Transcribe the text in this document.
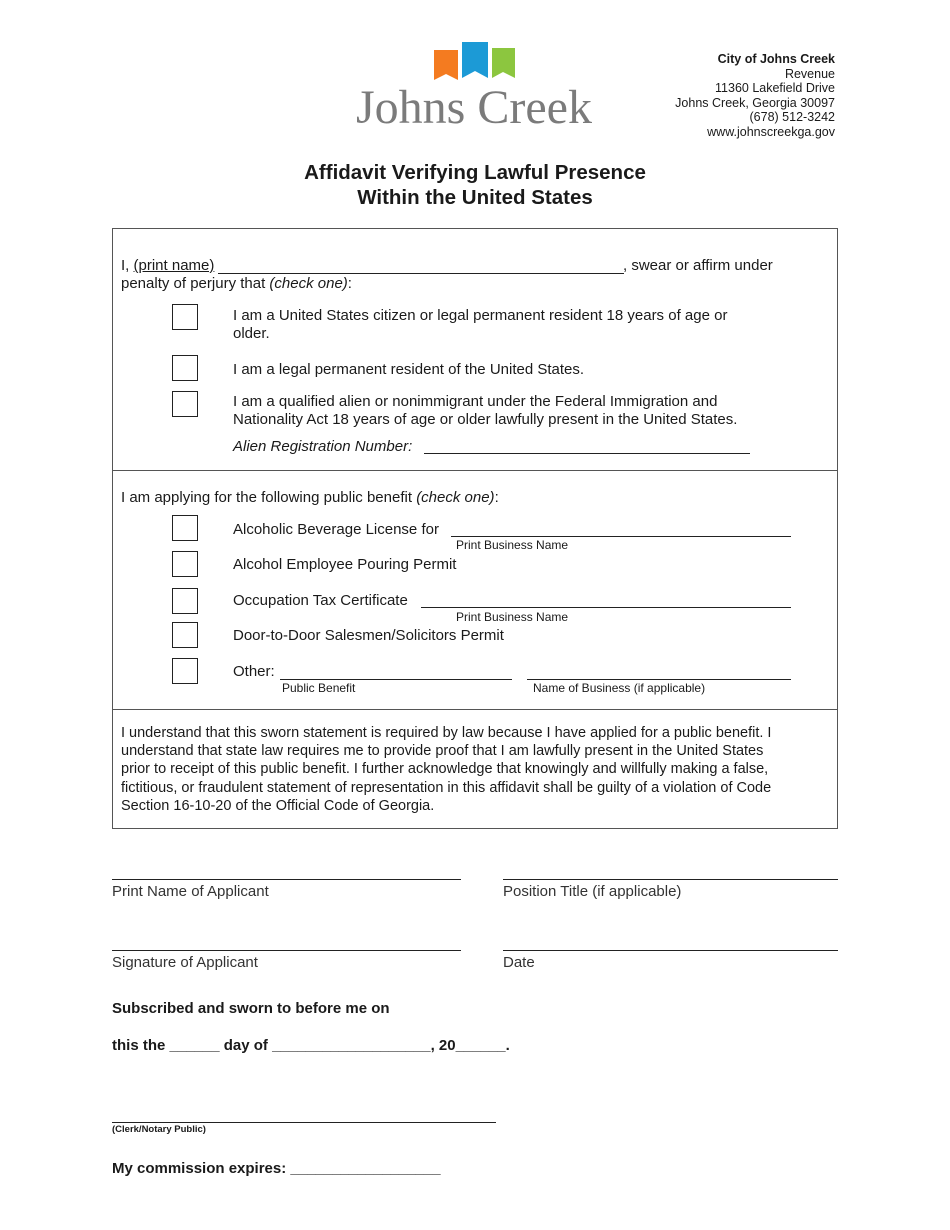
Johns Creek
City of Johns Creek
Revenue
11360 Lakefield Drive
Johns Creek, Georgia 30097
(678) 512-3242
www.johnscreekga.gov
Affidavit Verifying Lawful Presence
Within the United States
I, (print name)	, swear or affirm under
penalty of perjury that (check one):
I am a United States citizen or legal permanent resident 18 years of age or
older.
I am a legal permanent resident of the United States.
I am a qualified alien or nonimmigrant under the Federal Immigration and
Nationality Act 18 years of age or older lawfully present in the United States.
Alien Registration Number:
I am applying for the following public benefit (check one):
Alcoholic Beverage License for
Print Business Name
Alcohol Employee Pouring Permit
Occupation Tax Certificate
Print Business Name
Door-to-Door Salesmen/Solicitors Permit
Other:
Public Benefit	Name of Business (if applicable)
I understand that this sworn statement is required by law because I have applied for a public benefit. I
understand that state law requires me to provide proof that I am lawfully present in the United States
prior to receipt of this public benefit. I further acknowledge that knowingly and willfully making a false,
fictitious, or fraudulent statement of representation in this affidavit shall be guilty of a violation of Code
Section 16-10-20 of the Official Code of Georgia.
Print Name of Applicant	Position Title (if applicable)
Signature of Applicant	Date
Subscribed and sworn to before me on
this the ______ day of ___________________, 20______.
(Clerk/Notary Public)
My commission expires: __________________
